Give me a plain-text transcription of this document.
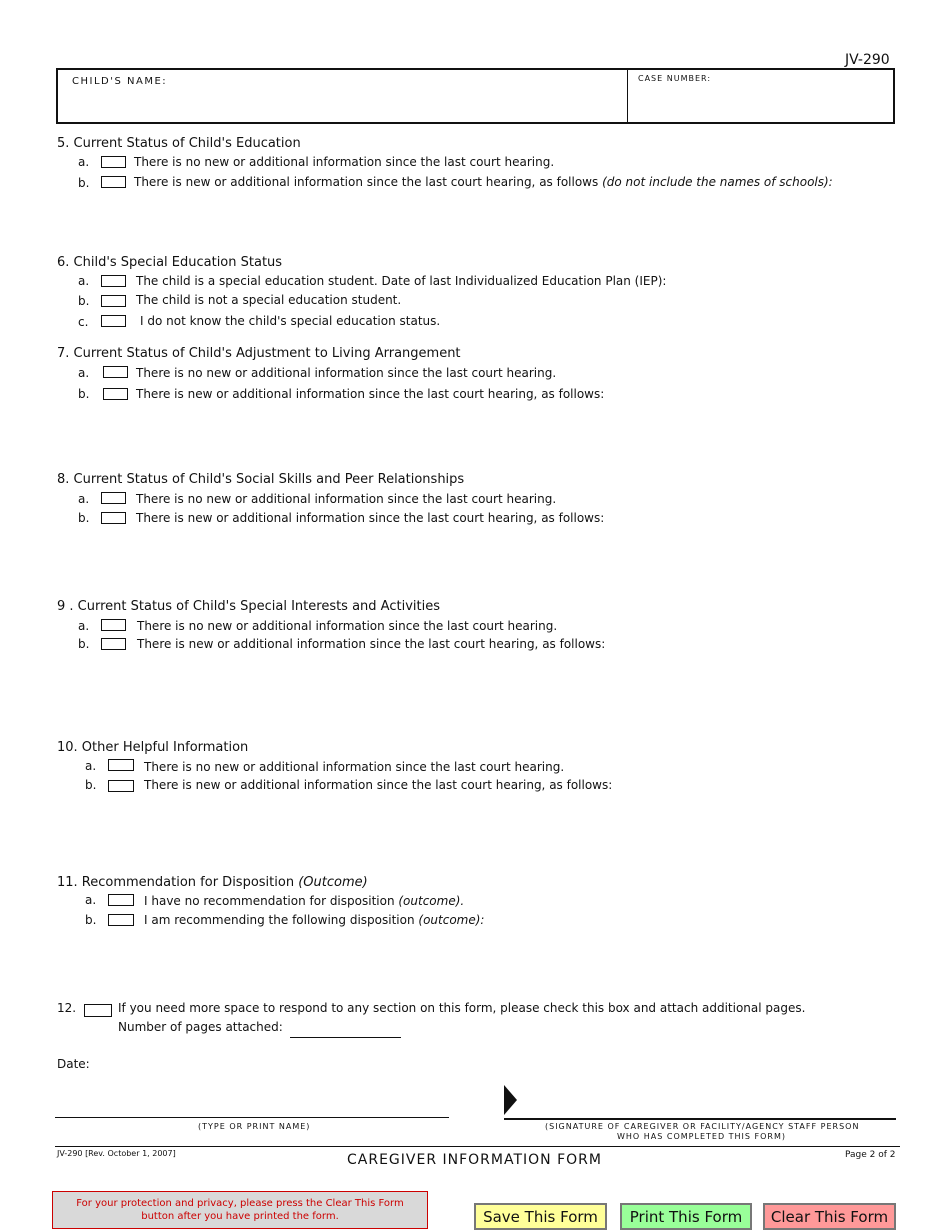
JV-290
CHILD'S NAME:	CASE NUMBER:
5. Current Status of Child's Education
a.	There is no new or additional information since the last court hearing.
b.	There is new or additional information since the last court hearing, as follows (do not include the names of schools):
6. Child's Special Education Status
a.	The child is a special education student. Date of last Individualized Education Plan (IEP):
b.	The child is not a special education student.
c.	I do not know the child's special education status.
7. Current Status of Child's Adjustment to Living Arrangement
a.	There is no new or additional information since the last court hearing.
b.	There is new or additional information since the last court hearing, as follows:
8. Current Status of Child's Social Skills and Peer Relationships
a.	There is no new or additional information since the last court hearing.
b.	There is new or additional information since the last court hearing, as follows:
9 . Current Status of Child's Special Interests and Activities
a.	There is no new or additional information since the last court hearing.
b.	There is new or additional information since the last court hearing, as follows:
10. Other Helpful Information
a.	There is no new or additional information since the last court hearing.
b.	There is new or additional information since the last court hearing, as follows:
11. Recommendation for Disposition (Outcome)
a.	I have no recommendation for disposition (outcome).
b.	I am recommending the following disposition (outcome):
12.	If you need more space to respond to any section on this form, please check this box and attach additional pages.
Number of pages attached:
Date:
(TYPE OR PRINT NAME)	(SIGNATURE OF CAREGIVER OR FACILITY/AGENCY STAFF PERSON
WHO HAS COMPLETED THIS FORM)
JV-290 [Rev. October 1, 2007]	CAREGIVER INFORMATION FORM	Page 2 of 2
For your protection and privacy, please press the Clear This Form
button after you have printed the form.	Save This Form	Print This Form	Clear This Form
